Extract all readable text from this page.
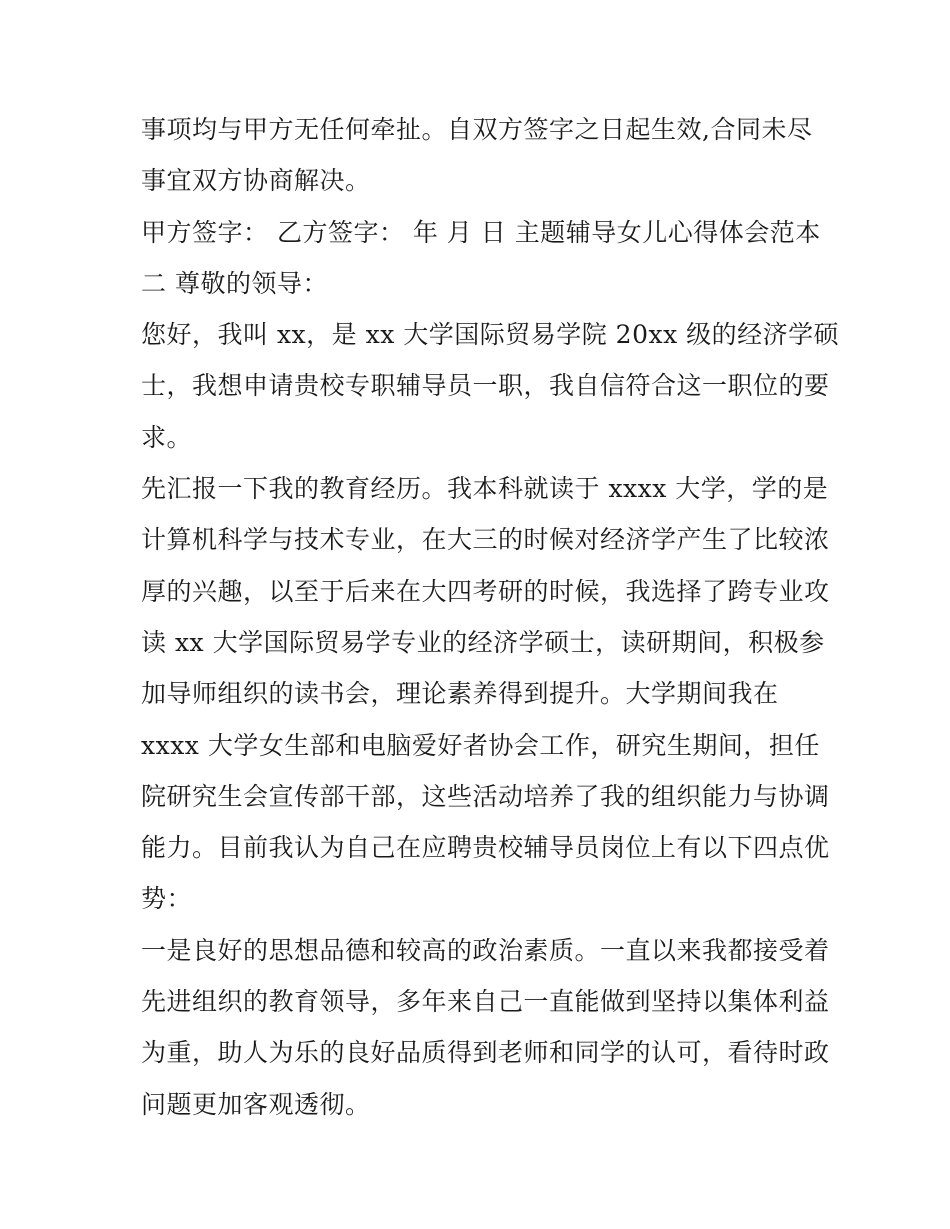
事项均与甲方无任何牵扯。自双方签字之日起生效,合同未尽
事宜双方协商解决。
甲方签字： 乙方签字： 年 月 日 主题辅导女儿心得体会范本
二 尊敬的领导：
您好，我叫 xx，是 xx 大学国际贸易学院 20xx 级的经济学硕
士，我想申请贵校专职辅导员一职，我自信符合这一职位的要
求。
先汇报一下我的教育经历。我本科就读于 xxxx 大学，学的是
计算机科学与技术专业，在大三的时候对经济学产生了比较浓
厚的兴趣，以至于后来在大四考研的时候，我选择了跨专业攻
读 xx 大学国际贸易学专业的经济学硕士，读研期间，积极参
加导师组织的读书会，理论素养得到提升。大学期间我在
xxxx 大学女生部和电脑爱好者协会工作，研究生期间，担任
院研究生会宣传部干部，这些活动培养了我的组织能力与协调
能力。目前我认为自己在应聘贵校辅导员岗位上有以下四点优
势：
一是良好的思想品德和较高的政治素质。一直以来我都接受着
先进组织的教育领导，多年来自己一直能做到坚持以集体利益
为重，助人为乐的良好品质得到老师和同学的认可，看待时政
问题更加客观透彻。
